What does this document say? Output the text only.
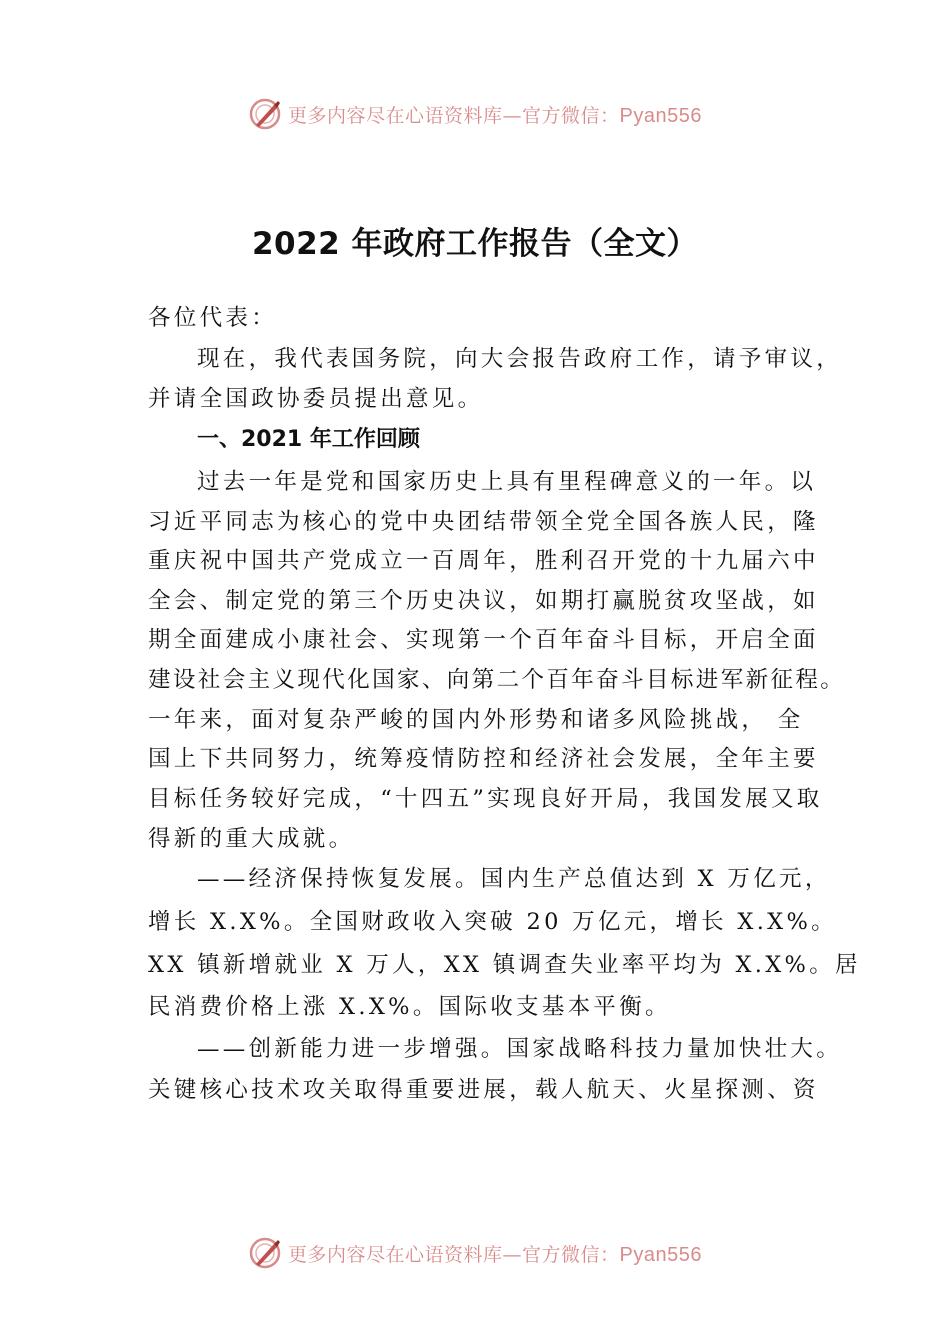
更多内容尽在心语资料库—官方微信：Pyan556
2022 年政府工作报告（全文）
各位代表：
现在，我代表国务院，向大会报告政府工作，请予审议，
并请全国政协委员提出意见。
一、2021 年工作回顾
过去一年是党和国家历史上具有里程碑意义的一年。以
习近平同志为核心的党中央团结带领全党全国各族人民，隆
重庆祝中国共产党成立一百周年，胜利召开党的十九届六中
全会、制定党的第三个历史决议，如期打赢脱贫攻坚战，如
期全面建成小康社会、实现第一个百年奋斗目标，开启全面
建设社会主义现代化国家、向第二个百年奋斗目标进军新征程。
一年来，面对复杂严峻的国内外形势和诸多风险挑战， 全
国上下共同努力，统筹疫情防控和经济社会发展，全年主要
目标任务较好完成，“十四五”实现良好开局，我国发展又取
得新的重大成就。
——经济保持恢复发展。国内生产总值达到 X 万亿元，
增长 X.X%。全国财政收入突破 20 万亿元，增长 X.X%。
XX 镇新增就业 X 万人，XX 镇调查失业率平均为 X.X%。居
民消费价格上涨 X.X%。国际收支基本平衡。
——创新能力进一步增强。国家战略科技力量加快壮大。
关键核心技术攻关取得重要进展，载人航天、火星探测、资
更多内容尽在心语资料库—官方微信：Pyan556
